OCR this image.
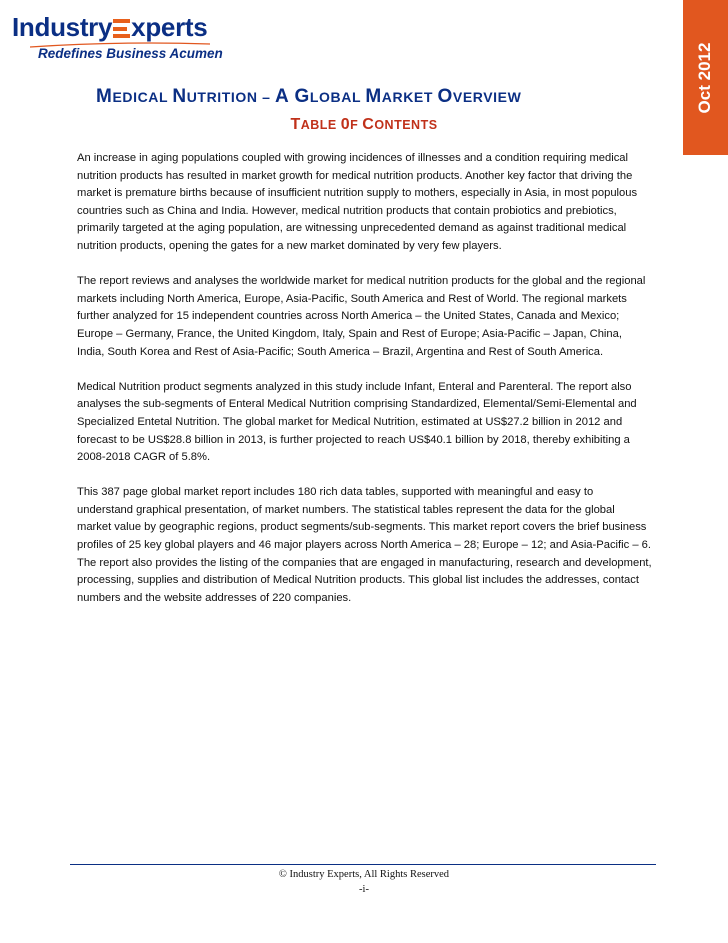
Industry xperts
Redefines Business Acumen	Oct 2012
MEDICAL NUTRITION – A GLOBAL MARKET OVERVIEW
TABLE 0F CONTENTS

An increase in aging populations coupled with growing incidences of illnesses and a condition requiring medical nutrition products has resulted in market growth for medical nutrition products. Another key factor that driving the market is premature births because of insufficient nutrition supply to mothers, especially in Asia, in most populous countries such as China and India. However, medical nutrition products that contain probiotics and prebiotics, primarily targeted at the aging population, are witnessing unprecedented demand as against traditional medical nutrition products, opening the gates for a new market dominated by very few players.

The report reviews and analyses the worldwide market for medical nutrition products for the global and the regional markets including North America, Europe, Asia-Pacific, South America and Rest of World. The regional markets further analyzed for 15 independent countries across North America – the United States, Canada and Mexico; Europe – Germany, France, the United Kingdom, Italy, Spain and Rest of Europe; Asia-Pacific – Japan, China, India, South Korea and Rest of Asia-Pacific; South America – Brazil, Argentina and Rest of South America.

Medical Nutrition product segments analyzed in this study include Infant, Enteral and Parenteral. The report also analyses the sub-segments of Enteral Medical Nutrition comprising Standardized, Elemental/Semi-Elemental and Specialized Entetal Nutrition. The global market for Medical Nutrition, estimated at US$27.2 billion in 2012 and forecast to be US$28.8 billion in 2013, is further projected to reach US$40.1 billion by 2018, thereby exhibiting a 2008-2018 CAGR of 5.8%.

This 387 page global market report includes 180 rich data tables, supported with meaningful and easy to understand graphical presentation, of market numbers. The statistical tables represent the data for the global market value by geographic regions, product segments/sub-segments. This market report covers the brief business profiles of 25 key global players and 46 major players across North America – 28; Europe – 12; and Asia-Pacific – 6. The report also provides the listing of the companies that are engaged in manufacturing, research and development, processing, supplies and distribution of Medical Nutrition products. This global list includes the addresses, contact numbers and the website addresses of 220 companies.

© Industry Experts, All Rights Reserved
-i-
